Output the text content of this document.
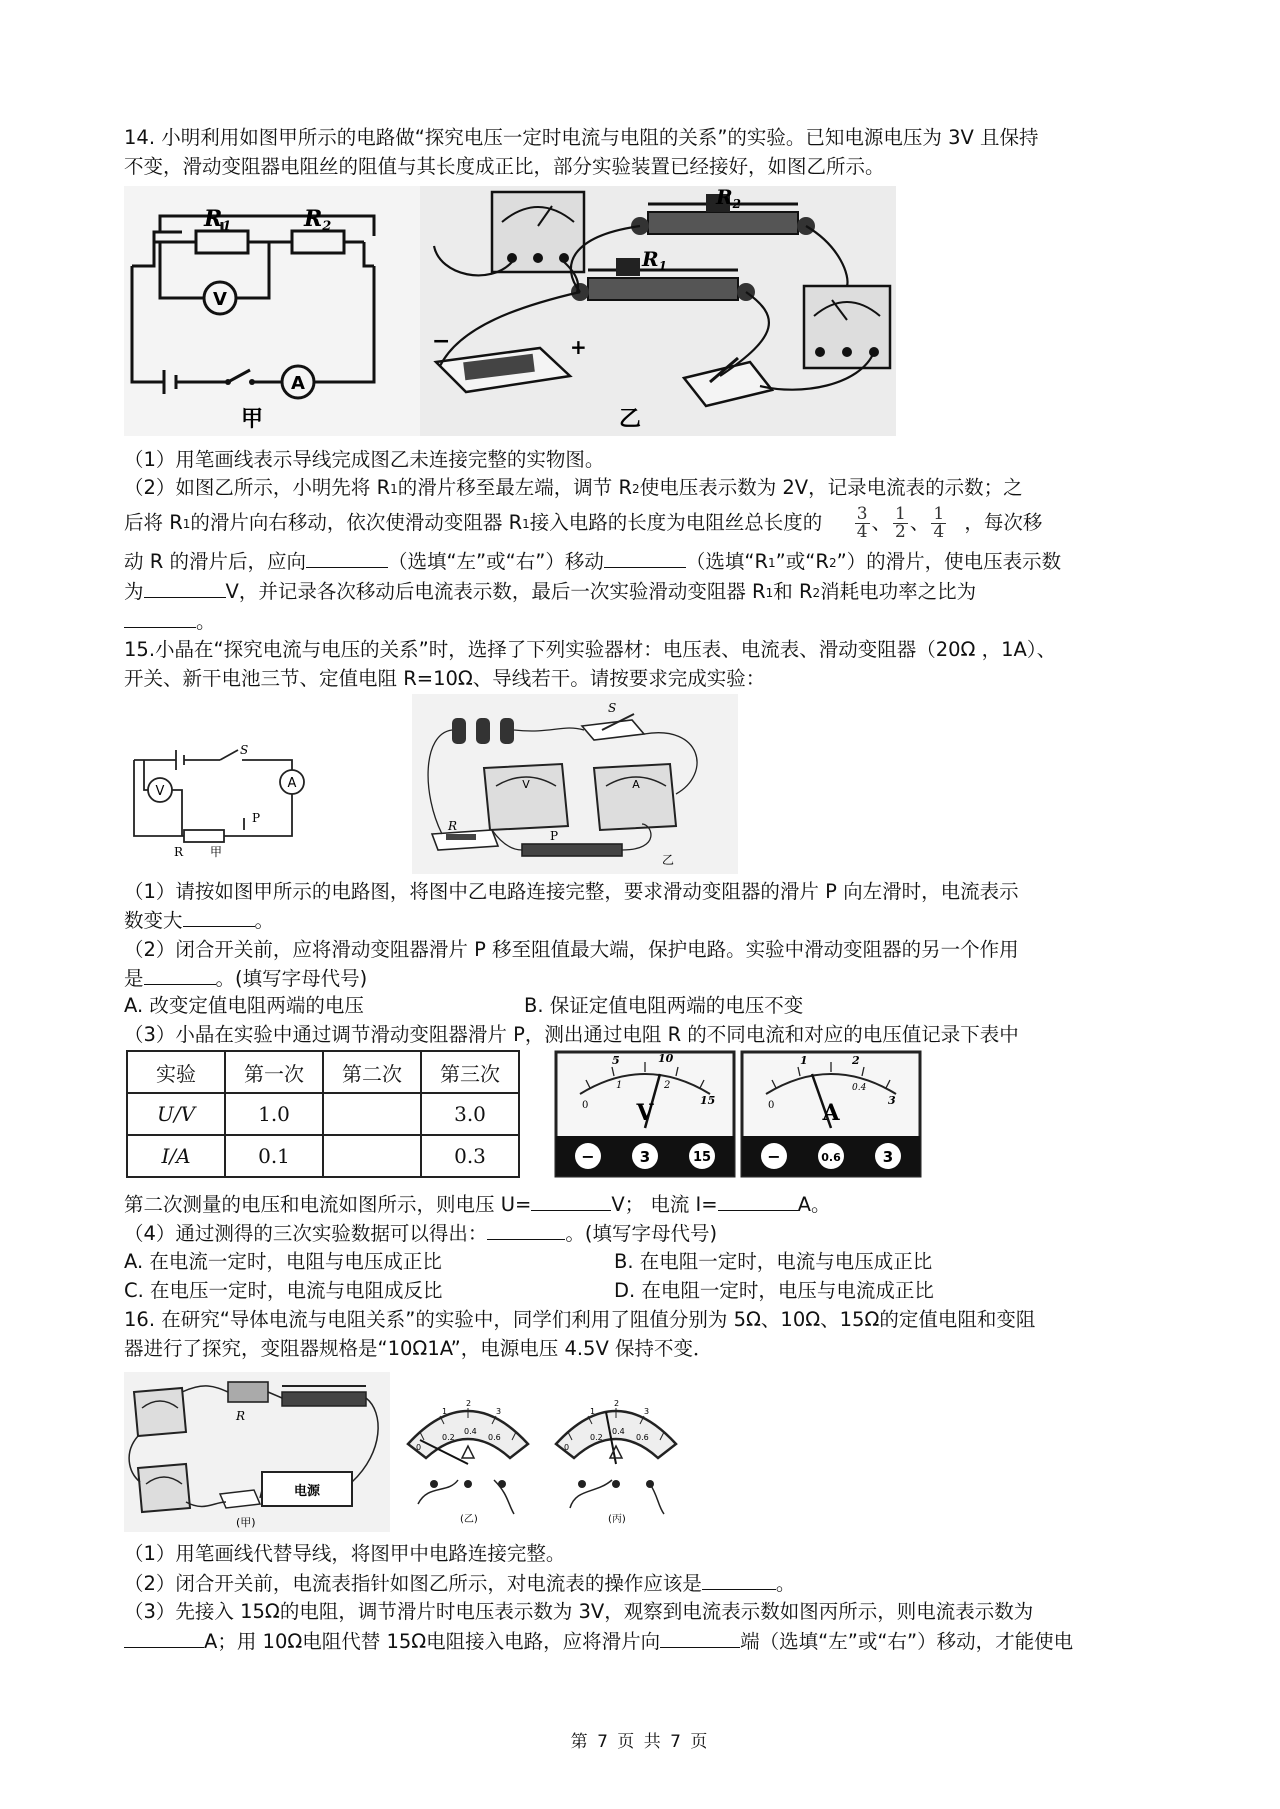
14. 小明利用如图甲所示的电路做“探究电压一定时电流与电阻的关系”的实验。已知电源电压为 3V 且保持
不变，滑动变阻器电阻丝的阻值与其长度成正比，部分实验装置已经接好，如图乙所示。
R1	R2
V
A
甲
$R_2$
$R_1$
−	+
乙
（1）用笔画线表示导线完成图乙未连接完整的实物图。
（2）如图乙所示，小明先将 $R_1$的滑片移至最左端，调节 $R_2$使电压表示数为 2V，记录电流表的示数；之
后将 $R_1$的滑片向右移动，依次使滑动变阻器 $R_1$接入电路的长度为电阻丝总长度的 $\frac{3}{4}$ 、 $\frac{1}{2}$ 、 $\frac{1}{4}$ ，每次移
动 R 的滑片后，应向	（选填“左”或“右”）移动	（选填“$R_1$”或“$R_2$”）的滑片，使电压表示数
为	V，并记录各次移动后电流表示数，最后一次实验滑动变阻器 $R_1$和 $R_2$消耗电功率之比为
。
15.小晶在“探究电流与电压的关系”时，选择了下列实验器材：电压表、电流表、滑动变阻器（20Ω ，1A）、
开关、新干电池三节、定值电阻 R=10Ω、导线若干。请按要求完成实验：
S
V
A
R
P
甲
S
V	A
R
P
乙
（1）请按如图甲所示的电路图，将图中乙电路连接完整，要求滑动变阻器的滑片 P 向左滑时，电流表示
数变大	。
（2）闭合开关前，应将滑动变阻器滑片 P 移至阻值最大端，保护电路。实验中滑动变阻器的另一个作用
是	。(填写字母代号)
A. 改变定值电阻两端的电压	B. 保证定值电阻两端的电压不变
（3）小晶在实验中通过调节滑动变阻器滑片 P，测出通过电阻 R 的不同电流和对应的电压值记录下表中
实验	第一次	第二次	第三次
U/V	1.0		3.0
I/A	0.1		0.3
0
5	10
1	2
15
V
−	3	15
0
1	2
0.4
3
A
−	0.6	3
第二次测量的电压和电流如图所示，则电压 U=	V； 电流 I=	A。
（4）通过测得的三次实验数据可以得出：	。(填写字母代号)
A. 在电流一定时，电阻与电压成正比	B. 在电阻一定时，电流与电压成正比
C. 在电压一定时，电流与电阻成反比	D. 在电阻一定时，电压与电流成正比
16. 在研究“导体电流与电阻关系”的实验中，同学们利用了阻值分别为 5Ω、10Ω、15Ω的定值电阻和变阻
器进行了探究，变阻器规格是“10Ω1A”，电源电压 4.5V 保持不变．
R
电源
(甲)
0
1
2
3
0.2
0.4
0.6
(乙)
0
1
2
3
0.2
0.4
0.6
(丙)
（1）用笔画线代替导线，将图甲中电路连接完整。
（2）闭合开关前，电流表指针如图乙所示，对电流表的操作应该是	。
（3）先接入 15Ω的电阻，调节滑片时电压表示数为 3V，观察到电流表示数如图丙所示，则电流表示数为
A；用 10Ω电阻代替 15Ω电阻接入电路，应将滑片向	端（选填“左”或“右”）移动，才能使电
第 7 页 共 7 页
